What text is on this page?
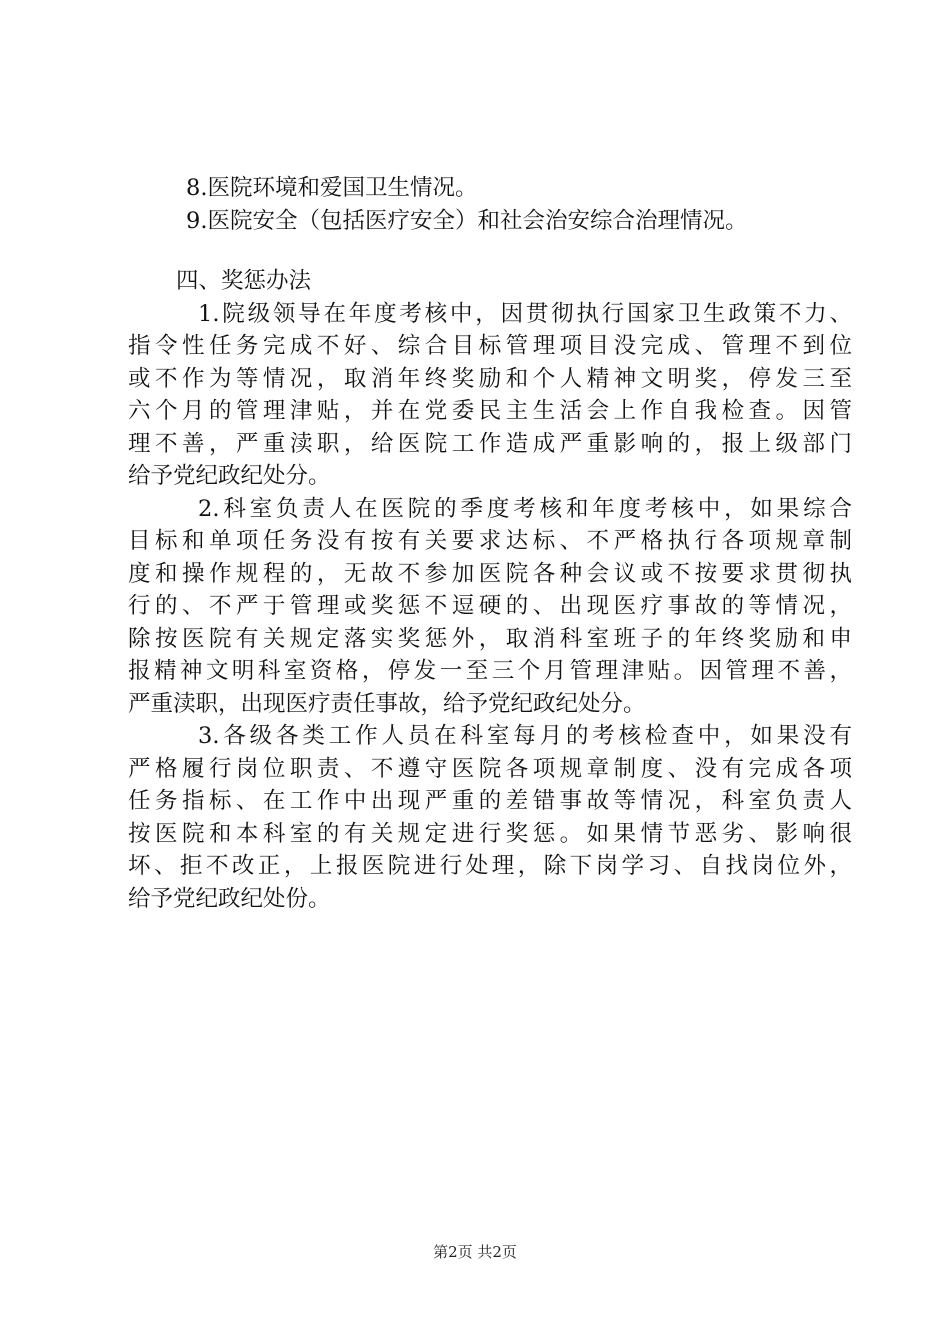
8.医院环境和爱国卫生情况。
9.医院安全（包括医疗安全）和社会治安综合治理情况。
四、奖惩办法
1.院级领导在年度考核中，因贯彻执行国家卫生政策不力、
指令性任务完成不好、综合目标管理项目没完成、管理不到位
或不作为等情况，取消年终奖励和个人精神文明奖，停发三至
六个月的管理津贴，并在党委民主生活会上作自我检查。因管
理不善，严重渎职，给医院工作造成严重影响的，报上级部门
给予党纪政纪处分。
2.科室负责人在医院的季度考核和年度考核中，如果综合
目标和单项任务没有按有关要求达标、不严格执行各项规章制
度和操作规程的，无故不参加医院各种会议或不按要求贯彻执
行的、不严于管理或奖惩不逗硬的、出现医疗事故的等情况，
除按医院有关规定落实奖惩外，取消科室班子的年终奖励和申
报精神文明科室资格，停发一至三个月管理津贴。因管理不善，
严重渎职，出现医疗责任事故，给予党纪政纪处分。
3.各级各类工作人员在科室每月的考核检查中，如果没有
严格履行岗位职责、不遵守医院各项规章制度、没有完成各项
任务指标、在工作中出现严重的差错事故等情况，科室负责人
按医院和本科室的有关规定进行奖惩。如果情节恶劣、影响很
坏、拒不改正，上报医院进行处理，除下岗学习、自找岗位外，
给予党纪政纪处份。
第2页 共2页
